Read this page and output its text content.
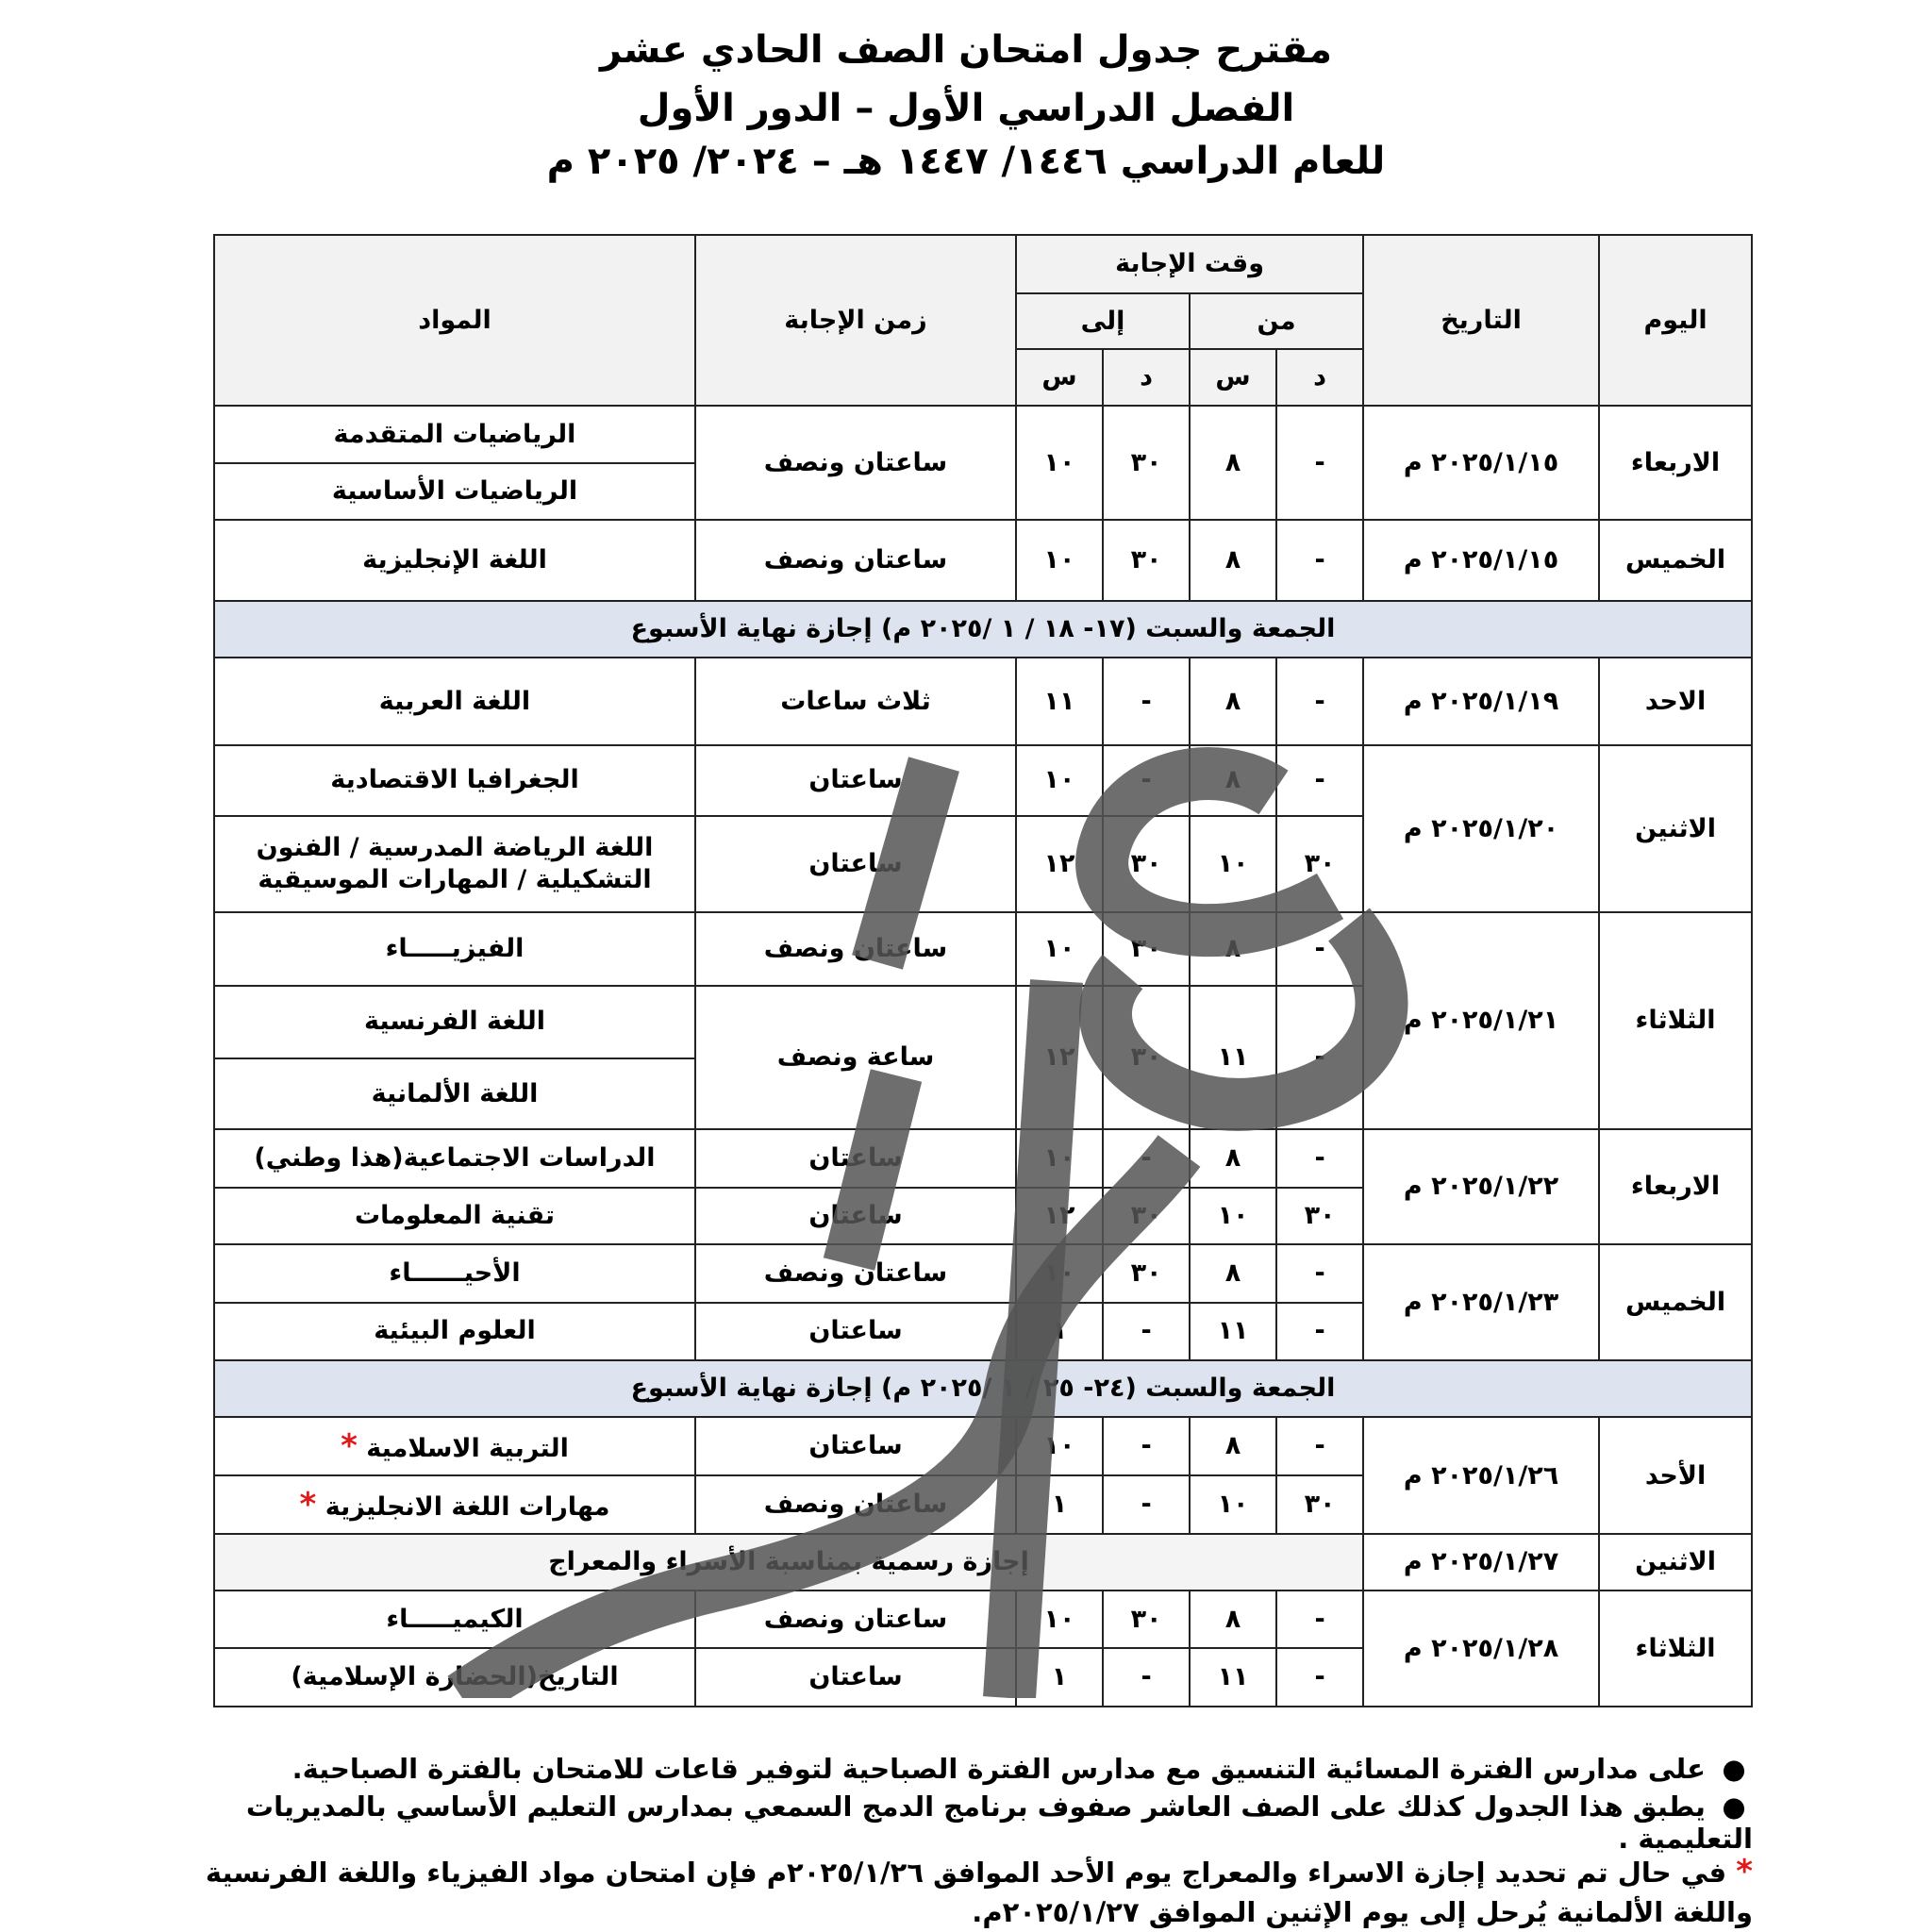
مقترح جدول امتحان الصف الحادي عشر
الفصل الدراسي الأول – الدور الأول
للعام الدراسي ١٤٤٦/ ١٤٤٧ هـ – ٢٠٢٤/ ٢٠٢٥ م
اليوم	التاريخ	وقت الإجابة				زمن الإجابة	المواد
		من		إلى			
		د	س	د	س		
الاربعاء	٢٠٢٥/١/١٥ م	-	٨	٣٠	١٠	ساعتان ونصف	الرياضيات المتقدمة
							الرياضيات الأساسية
الخميس	٢٠٢٥/١/١٥ م	-	٨	٣٠	١٠	ساعتان ونصف	اللغة الإنجليزية
الجمعة والسبت (١٧- ١٨ / ١ /٢٠٢٥ م) إجازة نهاية الأسبوع							
الاحد	٢٠٢٥/١/١٩ م	-	٨	-	١١	ثلاث ساعات	اللغة العربية
الاثنين	٢٠٢٥/١/٢٠ م	-	٨	-	١٠	ساعتان	الجغرافيا الاقتصادية
		٣٠	١٠	٣٠	١٢	ساعتان	اللغة الرياضة المدرسية / الفنون
التشكيلية / المهارات الموسيقية

الثلاثاء	٢٠٢٥/١/٢١ م	-	٨	٣٠	١٠	ساعتان ونصف	الفيزيـــــاء
		-	١١	٣٠	١٢	ساعة ونصف	اللغة الفرنسية
							اللغة الألمانية
الاربعاء	٢٠٢٥/١/٢٢ م	-	٨	-	١٠	ساعتان	الدراسات الاجتماعية(هذا وطني)
		٣٠	١٠	٣٠	١٢	ساعتان	تقنية المعلومات
الخميس	٢٠٢٥/١/٢٣ م	-	٨	٣٠	١٠	ساعتان ونصف	الأحيــــــاء
		-	١١	-	١	ساعتان	العلوم البيئية
الجمعة والسبت (٢٤- ٢٥ / ١ /٢٠٢٥ م) إجازة نهاية الأسبوع							
الأحد	٢٠٢٥/١/٢٦ م	-	٨	-	١٠	ساعتان	التربية الاسلامية *
		٣٠	١٠	-	١	ساعتان ونصف	مهارات اللغة الانجليزية *
الاثنين	٢٠٢٥/١/٢٧ م	إجازة رسمية بمناسبة الأسراء والمعراج					
الثلاثاء	٢٠٢٥/١/٢٨ م	-	٨	٣٠	١٠	ساعتان ونصف	الكيميـــــاء
		-	١١	-	١	ساعتان	التاريخ(الحضارة الإسلامية)
● على مدارس الفترة المسائية التنسيق مع مدارس الفترة الصباحية لتوفير قاعات للامتحان بالفترة الصباحية.
● يطبق هذا الجدول كذلك على الصف العاشر صفوف برنامج الدمج السمعي بمدارس التعليم الأساسي بالمديريات التعليمية .
* في حال تم تحديد إجازة الاسراء والمعراج يوم الأحد الموافق ٢٠٢٥/١/٢٦م فإن امتحان مواد الفيزياء واللغة الفرنسية واللغة الألمانية يُرحل إلى يوم الإثنين الموافق ٢٠٢٥/١/٢٧م.
